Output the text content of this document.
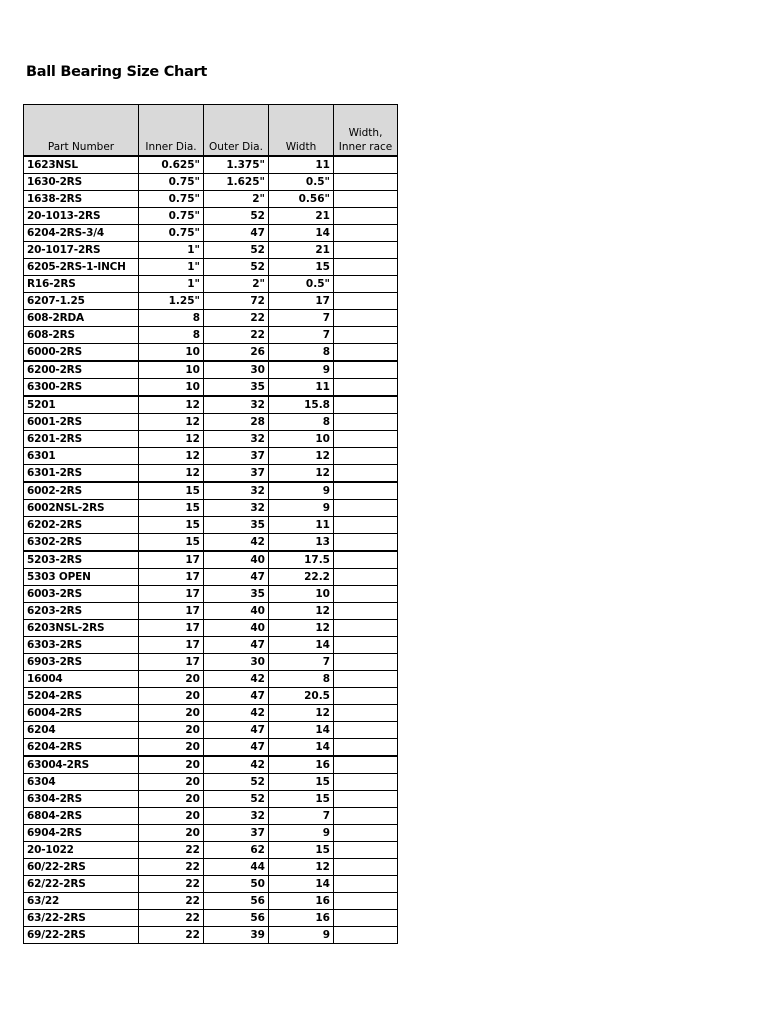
Ball Bearing Size Chart
Part Number	Inner Dia.	Outer Dia.	Width	Width, Inner race
1623NSL	0.625"	1.375"	11	
1630-2RS	0.75"	1.625"	0.5"	
1638-2RS	0.75"	2"	0.56"	
20-1013-2RS	0.75"	52	21	
6204-2RS-3/4	0.75"	47	14	
20-1017-2RS	1"	52	21	
6205-2RS-1-INCH	1"	52	15	
R16-2RS	1"	2"	0.5"	
6207-1.25	1.25"	72	17	
608-2RDA	8	22	7	
608-2RS	8	22	7	
6000-2RS	10	26	8	
6200-2RS	10	30	9	
6300-2RS	10	35	11	
5201	12	32	15.8	
6001-2RS	12	28	8	
6201-2RS	12	32	10	
6301	12	37	12	
6301-2RS	12	37	12	
6002-2RS	15	32	9	
6002NSL-2RS	15	32	9	
6202-2RS	15	35	11	
6302-2RS	15	42	13	
5203-2RS	17	40	17.5	
5303 OPEN	17	47	22.2	
6003-2RS	17	35	10	
6203-2RS	17	40	12	
6203NSL-2RS	17	40	12	
6303-2RS	17	47	14	
6903-2RS	17	30	7	
16004	20	42	8	
5204-2RS	20	47	20.5	
6004-2RS	20	42	12	
6204	20	47	14	
6204-2RS	20	47	14	
63004-2RS	20	42	16	
6304	20	52	15	
6304-2RS	20	52	15	
6804-2RS	20	32	7	
6904-2RS	20	37	9	
20-1022	22	62	15	
60/22-2RS	22	44	12	
62/22-2RS	22	50	14	
63/22	22	56	16	
63/22-2RS	22	56	16	
69/22-2RS	22	39	9	
